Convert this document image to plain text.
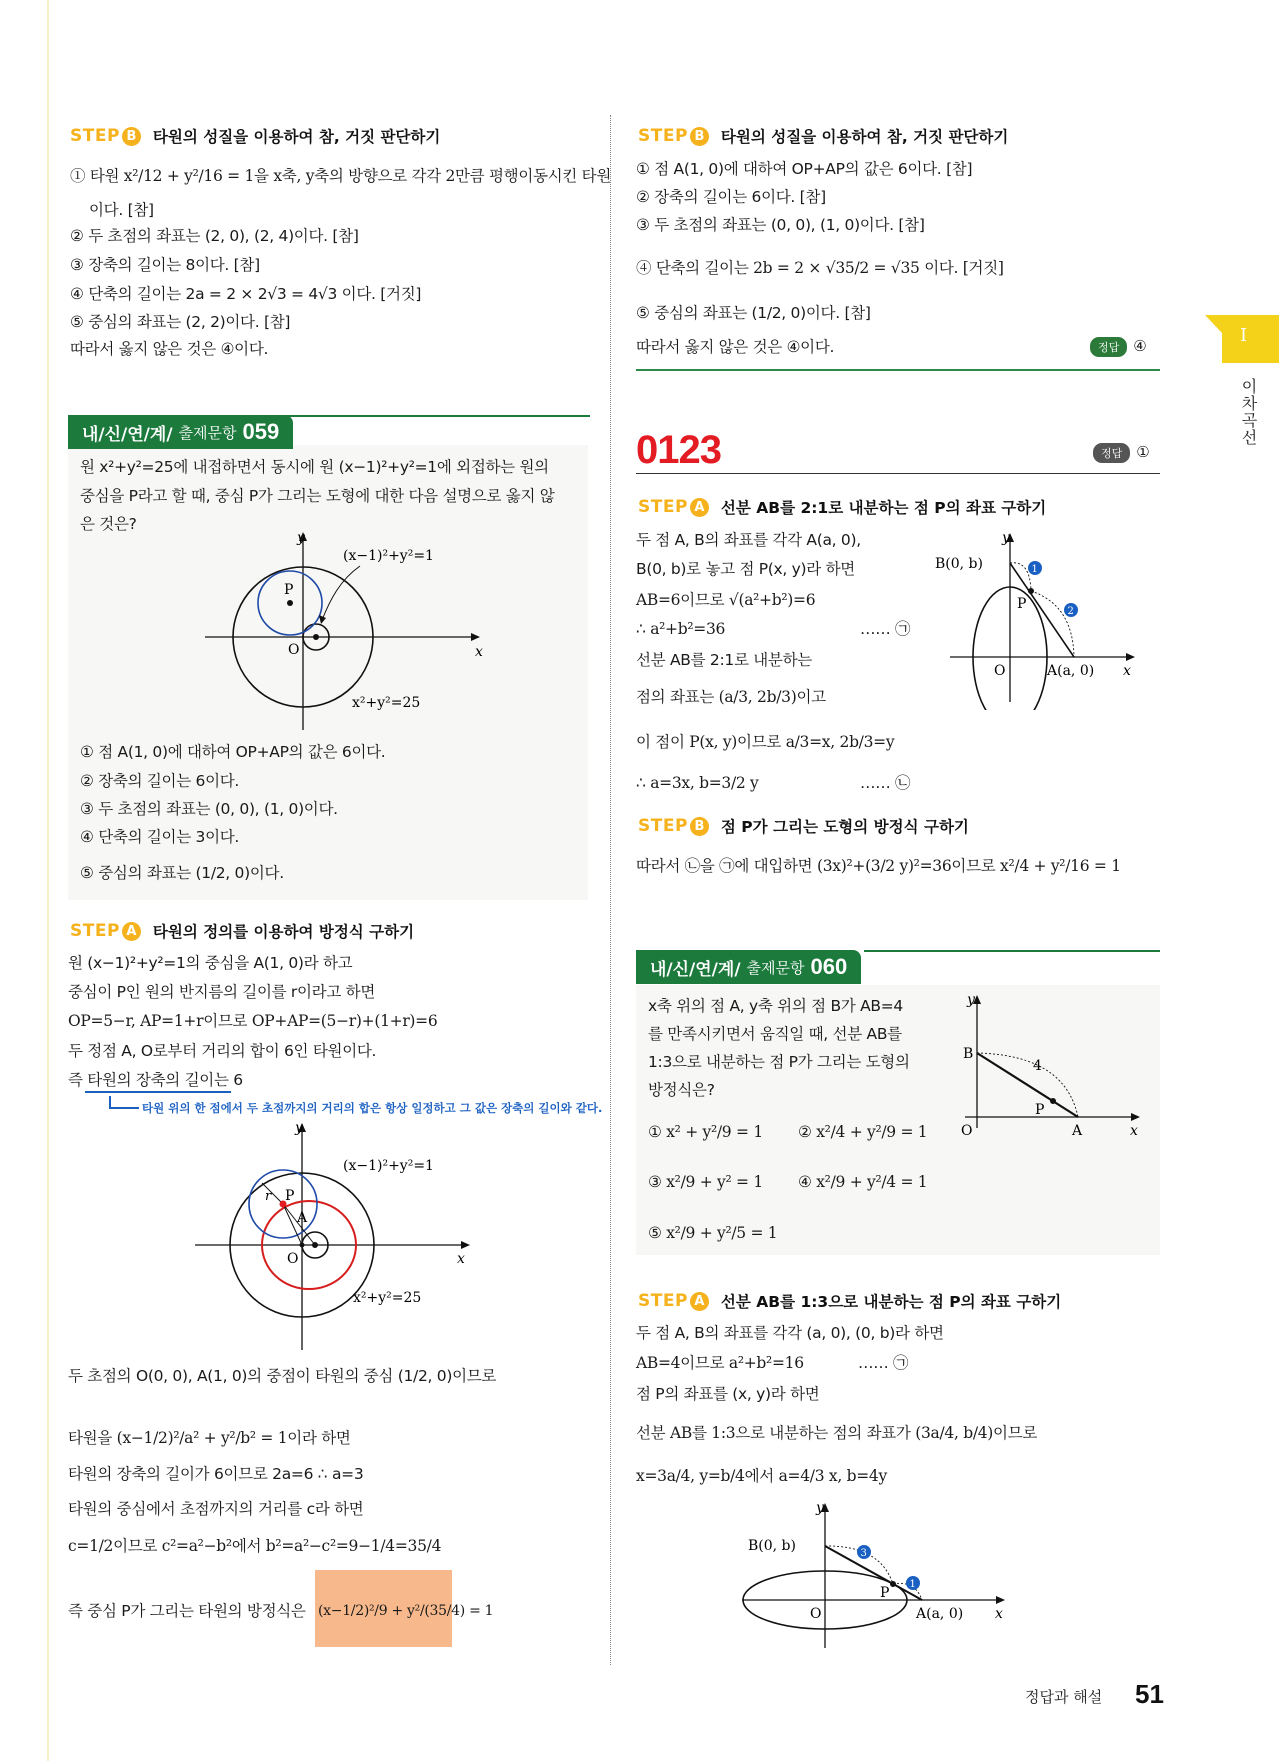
I
이차곡선
STEP B 타원의 성질을 이용하여 참, 거짓 판단하기
① 타원 x²/12 + y²/16 = 1을 x축, y축의 방향으로 각각 2만큼 평행이동시킨 타원
이다. [참]
② 두 초점의 좌표는 (2, 0), (2, 4)이다. [참]
③ 장축의 길이는 8이다. [참]
④ 단축의 길이는 2a = 2 × 2√3 = 4√3 이다. [거짓]
⑤ 중심의 좌표는 (2, 2)이다. [참]
따라서 옳지 않은 것은 ④이다.
내/신/연/계/ 출제문항 059
원 x²+y²=25에 내접하면서 동시에 원 (x−1)²+y²=1에 외접하는 원의
중심을 P라고 할 때, 중심 P가 그리는 도형에 대한 다음 설명으로 옳지 않
은 것은?
y
x
O
P
(x−1)²+y²=1
x²+y²=25
① 점 A(1, 0)에 대하여 OP+AP의 값은 6이다.
② 장축의 길이는 6이다.
③ 두 초점의 좌표는 (0, 0), (1, 0)이다.
④ 단축의 길이는 3이다.
⑤ 중심의 좌표는 (1/2, 0)이다.
STEP A 타원의 정의를 이용하여 방정식 구하기
원 (x−1)²+y²=1의 중심을 A(1, 0)라 하고
중심이 P인 원의 반지름의 길이를 r이라고 하면
OP=5−r, AP=1+r이므로 OP+AP=(5−r)+(1+r)=6
두 정점 A, O로부터 거리의 합이 6인 타원이다.
즉 타원의 장축의 길이는 6
타원 위의 한 점에서 두 초점까지의 거리의 합은 항상 일정하고 그 값은 장축의 길이와 같다.
y
x
O
P
A
r
(x−1)²+y²=1
x²+y²=25
두 초점의 O(0, 0), A(1, 0)의 중점이 타원의 중심 (1/2, 0)이므로
타원을 (x−1/2)²/a² + y²/b² = 1이라 하면
타원의 장축의 길이가 6이므로 2a=6 ∴ a=3
타원의 중심에서 초점까지의 거리를 c라 하면
c=1/2이므로 c²=a²−b²에서 b²=a²−c²=9−1/4=35/4
즉 중심 P가 그리는 타원의 방정식은 (x−1/2)²/9 + y²/(35/4) = 1
STEP B 타원의 성질을 이용하여 참, 거짓 판단하기
① 점 A(1, 0)에 대하여 OP+AP의 값은 6이다. [참]
② 장축의 길이는 6이다. [참]
③ 두 초점의 좌표는 (0, 0), (1, 0)이다. [참]
④ 단축의 길이는 2b = 2 × √35/2 = √35 이다. [거짓]
⑤ 중심의 좌표는 (1/2, 0)이다. [참]
따라서 옳지 않은 것은 ④이다.	정답 ④
0123	정답 ①
STEP A 선분 AB를 2:1로 내분하는 점 P의 좌표 구하기
두 점 A, B의 좌표를 각각 A(a, 0),
B(0, b)로 놓고 점 P(x, y)라 하면
AB=6이므로 √(a²+b²)=6
∴ a²+b²=36	…… ㉠
선분 AB를 2:1로 내분하는
점의 좌표는 (a/3, 2b/3)이고
이 점이 P(x, y)이므로 a/3=x, 2b/3=y
∴ a=3x, b=3/2 y	…… ㉡
1
2
y
x
O
B(0, b)
A(a, 0)
P
STEP B 점 P가 그리는 도형의 방정식 구하기
따라서 ㉡을 ㉠에 대입하면 (3x)²+(3/2 y)²=36이므로 x²/4 + y²/16 = 1
내/신/연/계/ 출제문항 060
x축 위의 점 A, y축 위의 점 B가 AB=4
를 만족시키면서 움직일 때, 선분 AB를
1:3으로 내분하는 점 P가 그리는 도형의
방정식은?
y
x
O
B
A
P
4
① x² + y²/9 = 1 ② x²/4 + y²/9 = 1
③ x²/9 + y² = 1 ④ x²/9 + y²/4 = 1
⑤ x²/9 + y²/5 = 1
STEP A 선분 AB를 1:3으로 내분하는 점 P의 좌표 구하기
두 점 A, B의 좌표를 각각 (a, 0), (0, b)라 하면
AB=4이므로 a²+b²=16	…… ㉠
점 P의 좌표를 (x, y)라 하면
선분 AB를 1:3으로 내분하는 점의 좌표가 (3a/4, b/4)이므로
x=3a/4, y=b/4에서 a=4/3 x, b=4y
3
1
y
x
O
B(0, b)
A(a, 0)
P
정답과 해설 51
